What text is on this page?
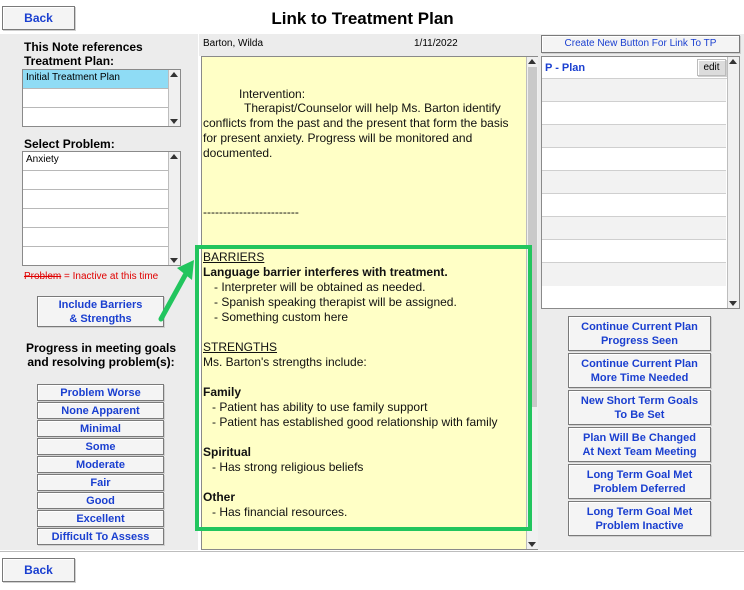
Back	Link to Treatment Plan
This Note references
Treatment Plan:
Initial Treatment Plan
Select Problem:
Anxiety
Problem = Inactive at this time
Include Barriers
& Strengths
Progress in meeting goals
and resolving problem(s):
Problem Worse
None Apparent
Minimal
Some
Moderate
Fair
Good
Excellent
Difficult To Assess
Barton, Wilda	1/11/2022
Intervention:
Therapist/Counselor will help Ms. Barton identify
conflicts from the past and the present that form the basis
for present anxiety. Progress will be monitored and
documented.
------------------------
BARRIERS
Language barrier interferes with treatment.
- Interpreter will be obtained as needed.
- Spanish speaking therapist will be assigned.
- Something custom here
STRENGTHS
Ms. Barton's strengths include:
Family
- Patient has ability to use family support
- Patient has established good relationship with family
Spiritual
- Has strong religious beliefs
Other
- Has financial resources.
Create New Button For Link To TP
P - Plan	edit
Continue Current Plan
Progress Seen
Continue Current Plan
More Time Needed
New Short Term Goals
To Be Set
Plan Will Be Changed
At Next Team Meeting
Long Term Goal Met
Problem Deferred
Long Term Goal Met
Problem Inactive
Back
